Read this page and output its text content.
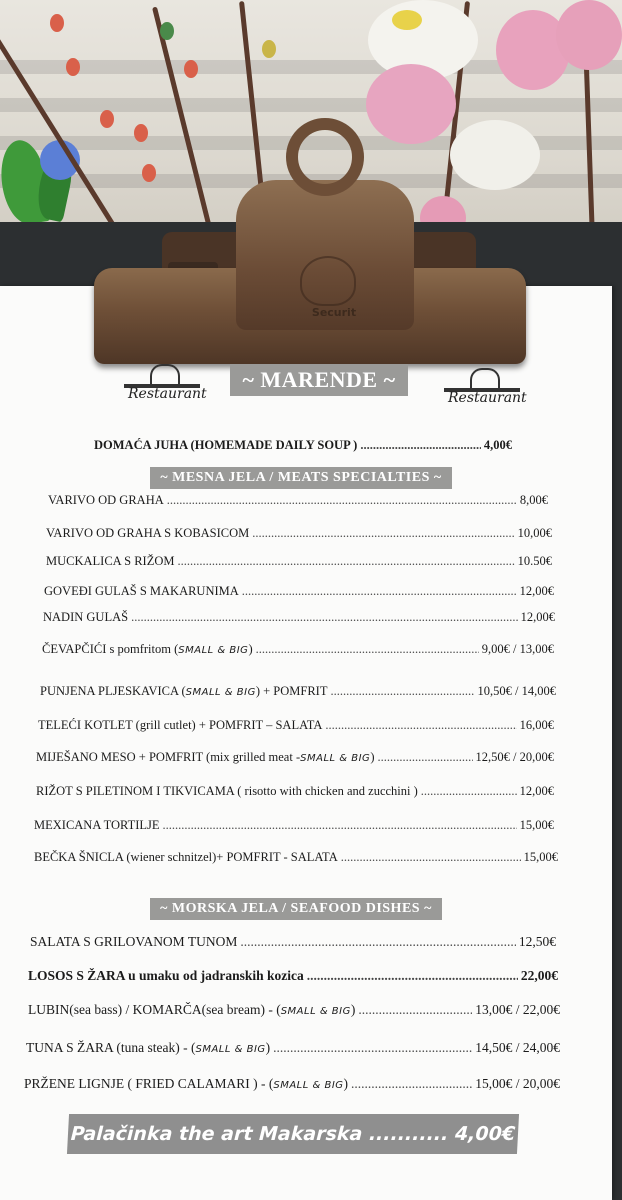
Securit
Restaurant	Restaurant
~ MARENDE ~
DOMAĆA JUHA (HOMEMADE DAILY SOUP ) .....	4,00€
~ MESNA JELA / MEATS SPECIALTIES ~
VARIVO OD GRAHA .....	8,00€
VARIVO OD GRAHA S KOBASICOM .....	10,00€
MUCKALICA S RIŽOM .....	10.50€
GOVEĐI GULAŠ S MAKARUNIMA .....	12,00€
NADIN GULAŠ .....	12,00€
ČEVAPČIĆI s pomfritom ( SMALL & BIG ) .....	9,00€ / 13,00€
PUNJENA PLJESKAVICA ( SMALL & BIG ) + POMFRIT .....	10,50€ / 14,00€
TELEĆI KOTLET (grill cutlet) + POMFRIT – SALATA .....	16,00€
MIJEŠANO MESO + POMFRIT (mix grilled meat - SMALL & BIG ) .....	12,50€ / 20,00€
RIŽOT S PILETINOM I TIKVICAMA ( risotto with chicken and zucchini ) .....	12,00€
MEXICANA TORTILJE .....	15,00€
BEČKA ŠNICLA (wiener schnitzel)+ POMFRIT - SALATA .....	15,00€
~ MORSKA JELA / SEAFOOD DISHES ~
SALATA S GRILOVANOM TUNOM .....	12,50€
LOSOS S ŽARA u umaku od jadranskih kozica .....	22,00€
LUBIN(sea bass) / KOMARČA(sea bream) - ( SMALL & BIG ) .....	13,00€ / 22,00€
TUNA S ŽARA (tuna steak) - ( SMALL & BIG ) .....	14,50€ / 24,00€
PRŽENE LIGNJE ( FRIED CALAMARI ) - ( SMALL & BIG ) .....	15,00€ / 20,00€
Palačinka the art Makarska ........... 4,00€
